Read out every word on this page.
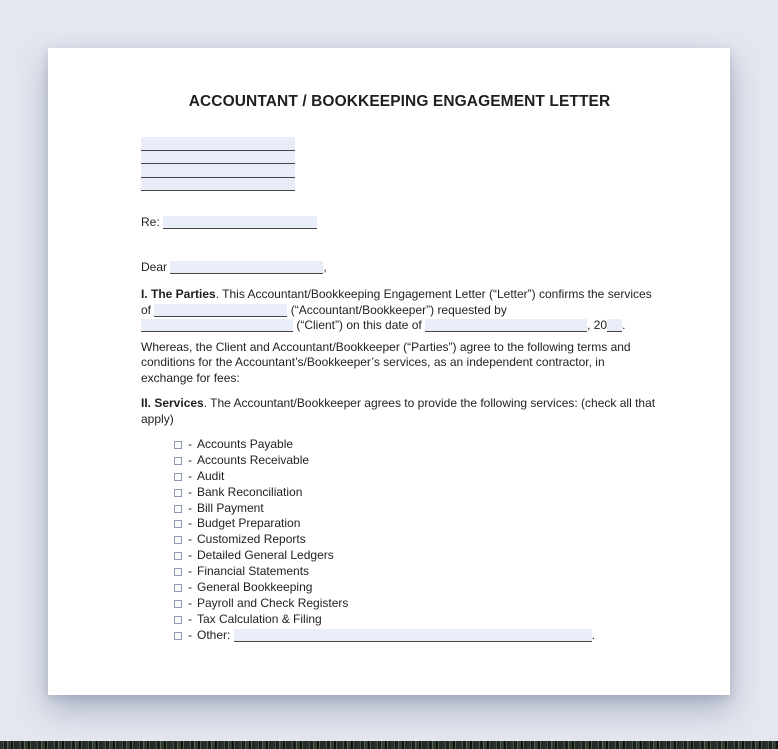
ACCOUNTANT / BOOKKEEPING ENGAGEMENT LETTER
Re:
Dear	,

I. The Parties. This Accountant/Bookkeeping Engagement Letter (“Letter”) confirms the services of	(“Accountant/Bookkeeper”) requested by  (“Client”) on this date of	, 20 .

Whereas, the Client and Accountant/Bookkeeper (“Parties”) agree to the following terms and conditions for the Accountant’s/Bookkeeper’s services, as an independent contractor, in exchange for fees:

II. Services. The Accountant/Bookkeeper agrees to provide the following services: (check all that apply)

- Accounts Payable
- Accounts Receivable
- Audit
- Bank Reconciliation
- Bill Payment
- Budget Preparation
- Customized Reports
- Detailed General Ledgers
- Financial Statements
- General Bookkeeping
- Payroll and Check Registers
- Tax Calculation & Filing
- Other:	.
